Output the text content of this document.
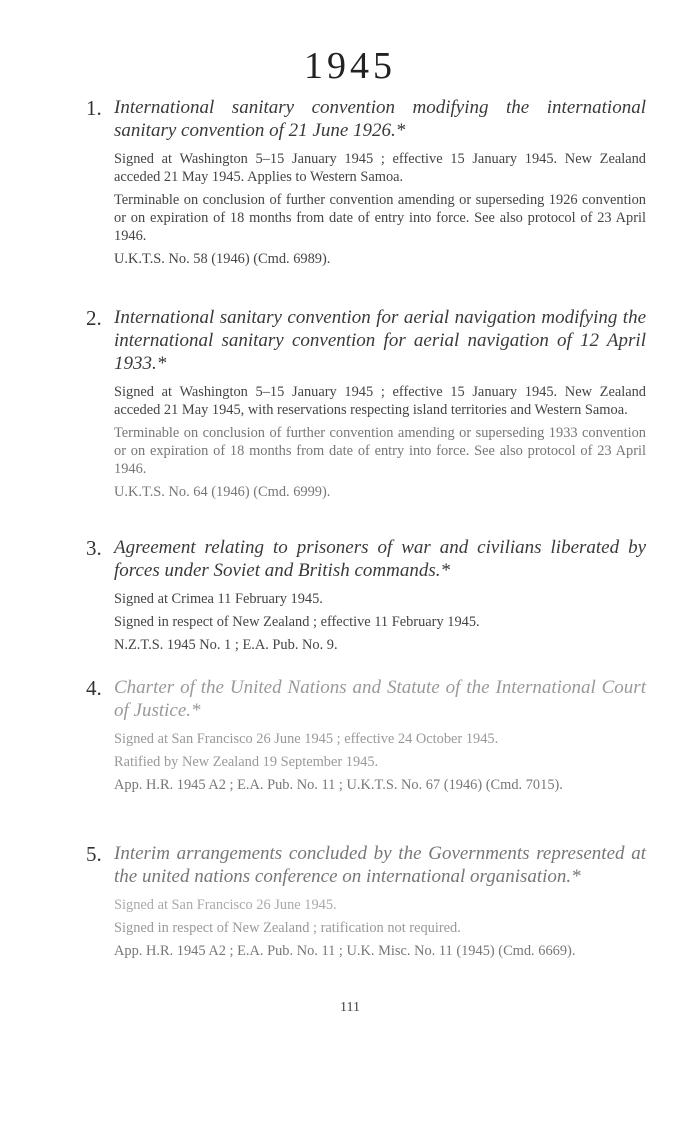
1945
1. International sanitary convention modifying the international sanitary convention of 21 June 1926.*

Signed at Washington 5–15 January 1945 ; effective 15 January 1945. New Zealand acceded 21 May 1945. Applies to Western Samoa.

Terminable on conclusion of further convention amending or superseding 1926 convention or on expiration of 18 months from date of entry into force. See also protocol of 23 April 1946.

U.K.T.S. No. 58 (1946) (Cmd. 6989).

2. International sanitary convention for aerial navigation modifying the international sanitary convention for aerial navigation of 12 April 1933.*

Signed at Washington 5–15 January 1945 ; effective 15 January 1945. New Zealand acceded 21 May 1945, with reservations respecting island territories and Western Samoa.

Terminable on conclusion of further convention amending or superseding 1933 convention or on expiration of 18 months from date of entry into force. See also protocol of 23 April 1946.

U.K.T.S. No. 64 (1946) (Cmd. 6999).

3. Agreement relating to prisoners of war and civilians liberated by forces under Soviet and British commands.*

Signed at Crimea 11 February 1945.

Signed in respect of New Zealand ; effective 11 February 1945.

N.Z.T.S. 1945 No. 1 ; E.A. Pub. No. 9.

4. Charter of the United Nations and Statute of the International Court of Justice.*

Signed at San Francisco 26 June 1945 ; effective 24 October 1945.

Ratified by New Zealand 19 September 1945.

App. H.R. 1945 A2 ; E.A. Pub. No. 11 ; U.K.T.S. No. 67 (1946) (Cmd. 7015).

5. Interim arrangements concluded by the Governments represented at the united nations conference on international organisation.*

Signed at San Francisco 26 June 1945.

Signed in respect of New Zealand ; ratification not required.

App. H.R. 1945 A2 ; E.A. Pub. No. 11 ; U.K. Misc. No. 11 (1945) (Cmd. 6669).

111
